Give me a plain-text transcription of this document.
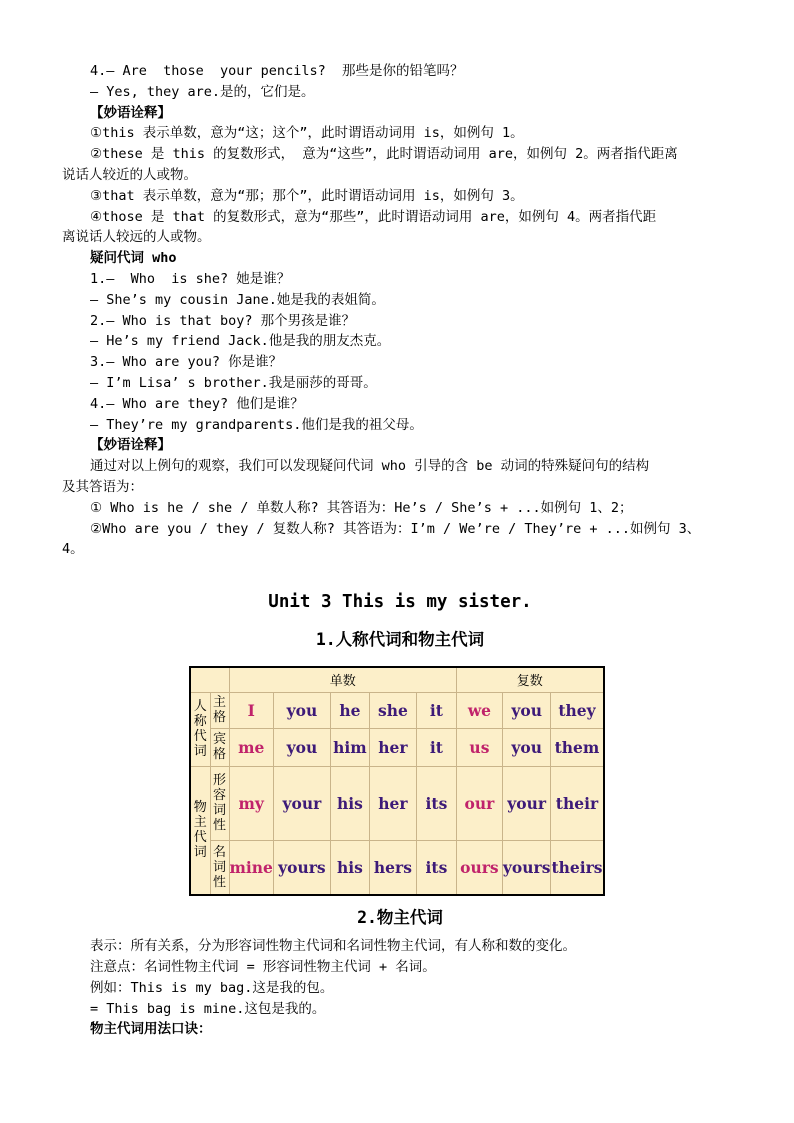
4.— Are  those  your pencils?  那些是你的铅笔吗？

— Yes, they are.是的，它们是。

【妙语诠释】

①this 表示单数，意为“这；这个”，此时谓语动词用 is，如例句 1。

②these 是 this 的复数形式， 意为“这些”，此时谓语动词用 are，如例句 2。两者指代距离

说话人较近的人或物。

③that 表示单数，意为“那；那个”，此时谓语动词用 is，如例句 3。

④those 是 that 的复数形式，意为“那些”，此时谓语动词用 are，如例句 4。两者指代距

离说话人较远的人或物。

疑问代词 who

1.—  Who  is she? 她是谁？

— She’s my cousin Jane.她是我的表姐简。

2.— Who is that boy? 那个男孩是谁？

— He’s my friend Jack.他是我的朋友杰克。

3.— Who are you? 你是谁？

— I’m Lisa’ s brother.我是丽莎的哥哥。

4.— Who are they? 他们是谁？

— They’re my grandparents.他们是我的祖父母。

【妙语诠释】

通过对以上例句的观察，我们可以发现疑问代词 who 引导的含 be 动词的特殊疑问句的结构

及其答语为：

① Who is he / she / 单数人称? 其答语为：He’s / She’s + ...如例句 1、2；

②Who are you / they / 复数人称? 其答语为：I’m / We’re / They’re + ...如例句 3、

4。

Unit 3 This is my sister.
1.人称代词和物主代词
		单数					复数		
人
称
代
词	主
格	I	you	he	she	it	we	you	they
	宾
格	me	you	him	her	it	us	you	them
物
主
代
词	形
容
词
性	my	your	his	her	its	our	your	their
	名
词
性	mine	yours	his	hers	its	ours	yours	theirs
2.物主代词

表示：所有关系，分为形容词性物主代词和名词性物主代词，有人称和数的变化。

注意点：名词性物主代词 = 形容词性物主代词 + 名词。

例如：This is my bag.这是我的包。

= This bag is mine.这包是我的。

物主代词用法口诀：
